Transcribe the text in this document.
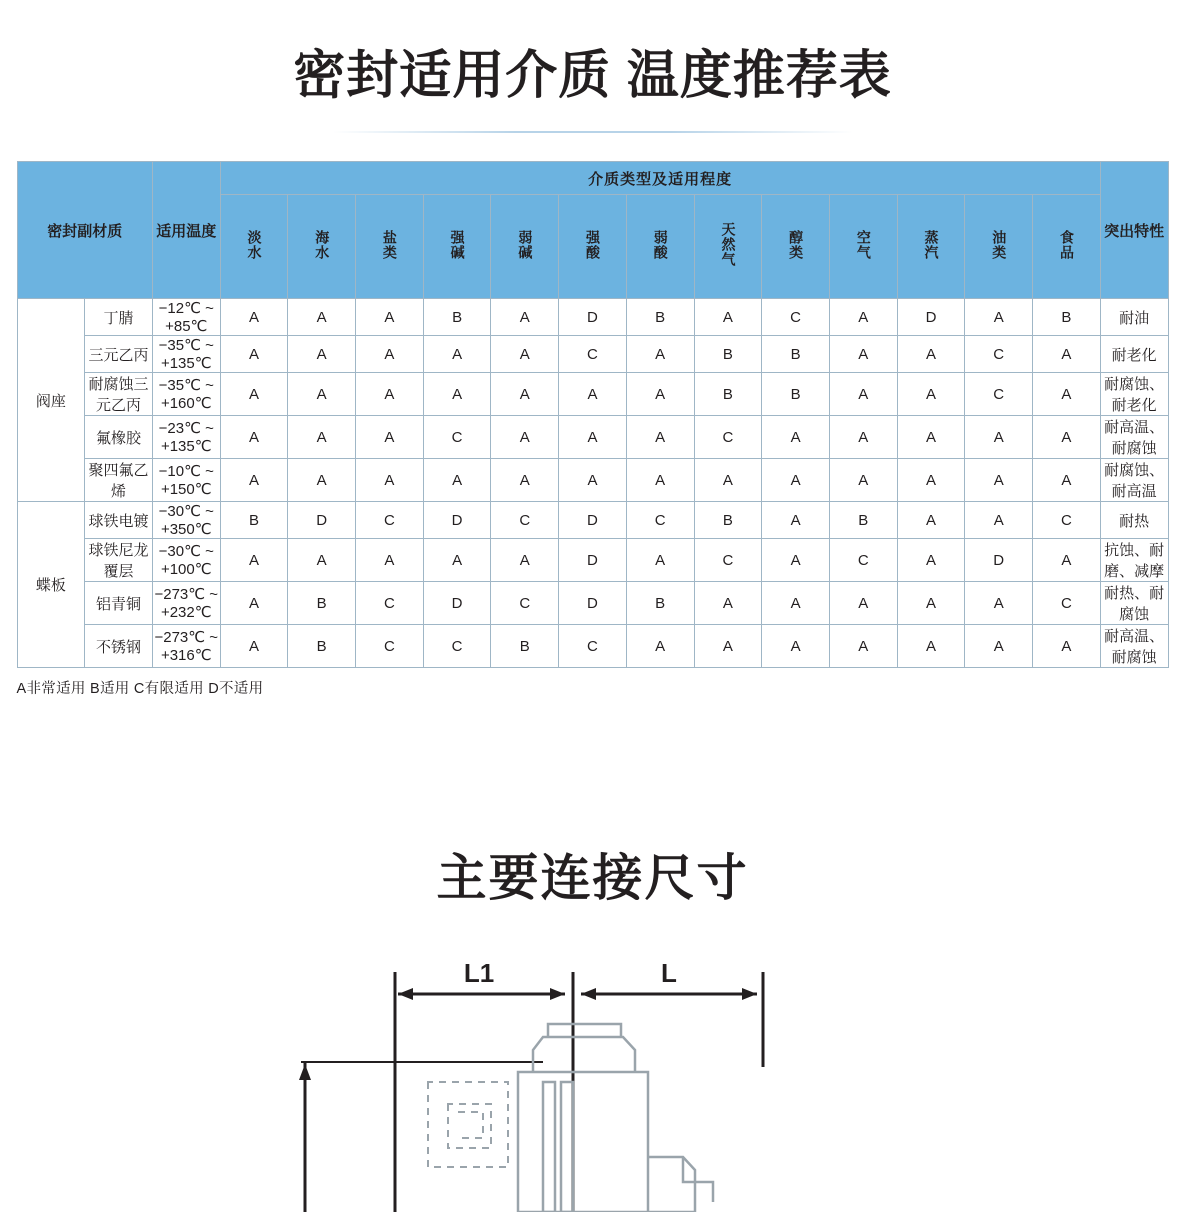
密封适用介质 温度推荐表
密封副材质		适用温度	介质类型及适用程度													突出特性
			淡水	海水	盐类	强碱	弱碱	强酸	弱酸	天然气	醇类	空气	蒸汽	油类	食品	
阀座	丁腈	−12℃ ~ +85℃	A	A	A	B	A	D	B	A	C	A	D	A	B	耐油
	三元乙丙	−35℃ ~ +135℃	A	A	A	A	A	C	A	B	B	A	A	C	A	耐老化
	耐腐蚀三元乙丙	−35℃ ~ +160℃	A	A	A	A	A	A	A	B	B	A	A	C	A	耐腐蚀、耐老化
	氟橡胶	−23℃ ~ +135℃	A	A	A	C	A	A	A	C	A	A	A	A	A	耐高温、耐腐蚀
	聚四氟乙烯	−10℃ ~ +150℃	A	A	A	A	A	A	A	A	A	A	A	A	A	耐腐蚀、耐高温
蝶板	球铁电镀	−30℃ ~ +350℃	B	D	C	D	C	D	C	B	A	B	A	A	C	耐热
	球铁尼龙覆层	−30℃ ~ +100℃	A	A	A	A	A	D	A	C	A	C	A	D	A	抗蚀、耐磨、减摩
	铝青铜	−273℃ ~ +232℃	A	B	C	D	C	D	B	A	A	A	A	A	C	耐热、耐腐蚀
	不锈钢	−273℃ ~ +316℃	A	B	C	C	B	C	A	A	A	A	A	A	A	耐高温、耐腐蚀
A非常适用 B适用 C有限适用 D不适用
主要连接尺寸
L1	L
